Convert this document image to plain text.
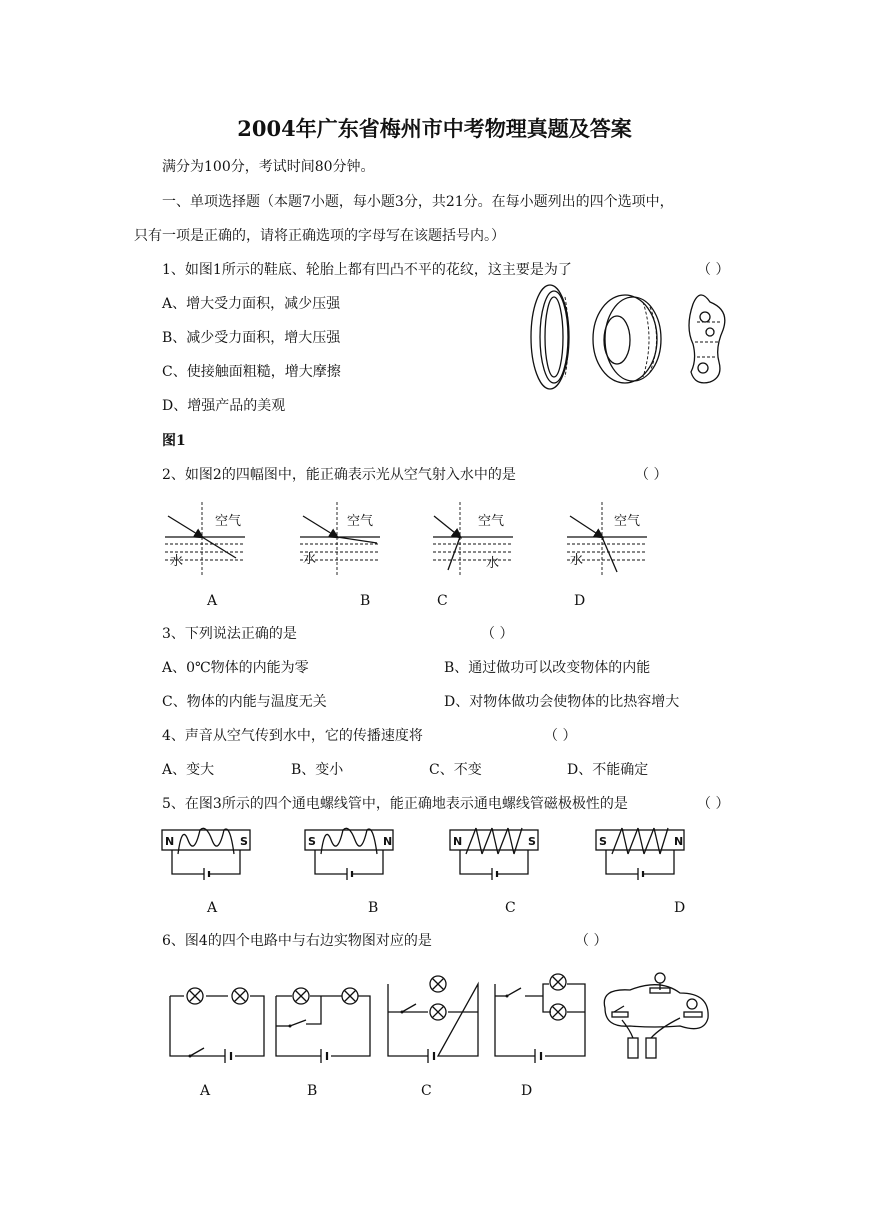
2004年广东省梅州市中考物理真题及答案
满分为100分，考试时间80分钟。
一、单项选择题（本题7小题，每小题3分，共21分。在每小题列出的四个选项中，
只有一项是正确的，请将正确选项的字母写在该题括号内。）
1、如图1所示的鞋底、轮胎上都有凹凸不平的花纹，这主要是为了	（ ）
A、增大受力面积，减少压强
B、减少受力面积，增大压强
C、使接触面粗糙，增大摩擦
D、增强产品的美观
图1
2、如图2的四幅图中，能正确表示光从空气射入水中的是	（ ）
空气
水
空气
水
空气
水
空气
水
A	B	C	D
3、下列说法正确的是	（ ）
A、0℃物体的内能为零	B、通过做功可以改变物体的内能
C、物体的内能与温度无关	D、对物体做功会使物体的比热容增大
4、声音从空气传到水中，它的传播速度将	（ ）
A、变大	B、变小	C、不变	D、不能确定
5、在图3所示的四个通电螺线管中，能正确地表示通电螺线管磁极极性的是	（ ）
N	S	S	N	N	S	S	N
A	B	C	D
6、图4的四个电路中与右边实物图对应的是	（ ）
A	B	C	D
